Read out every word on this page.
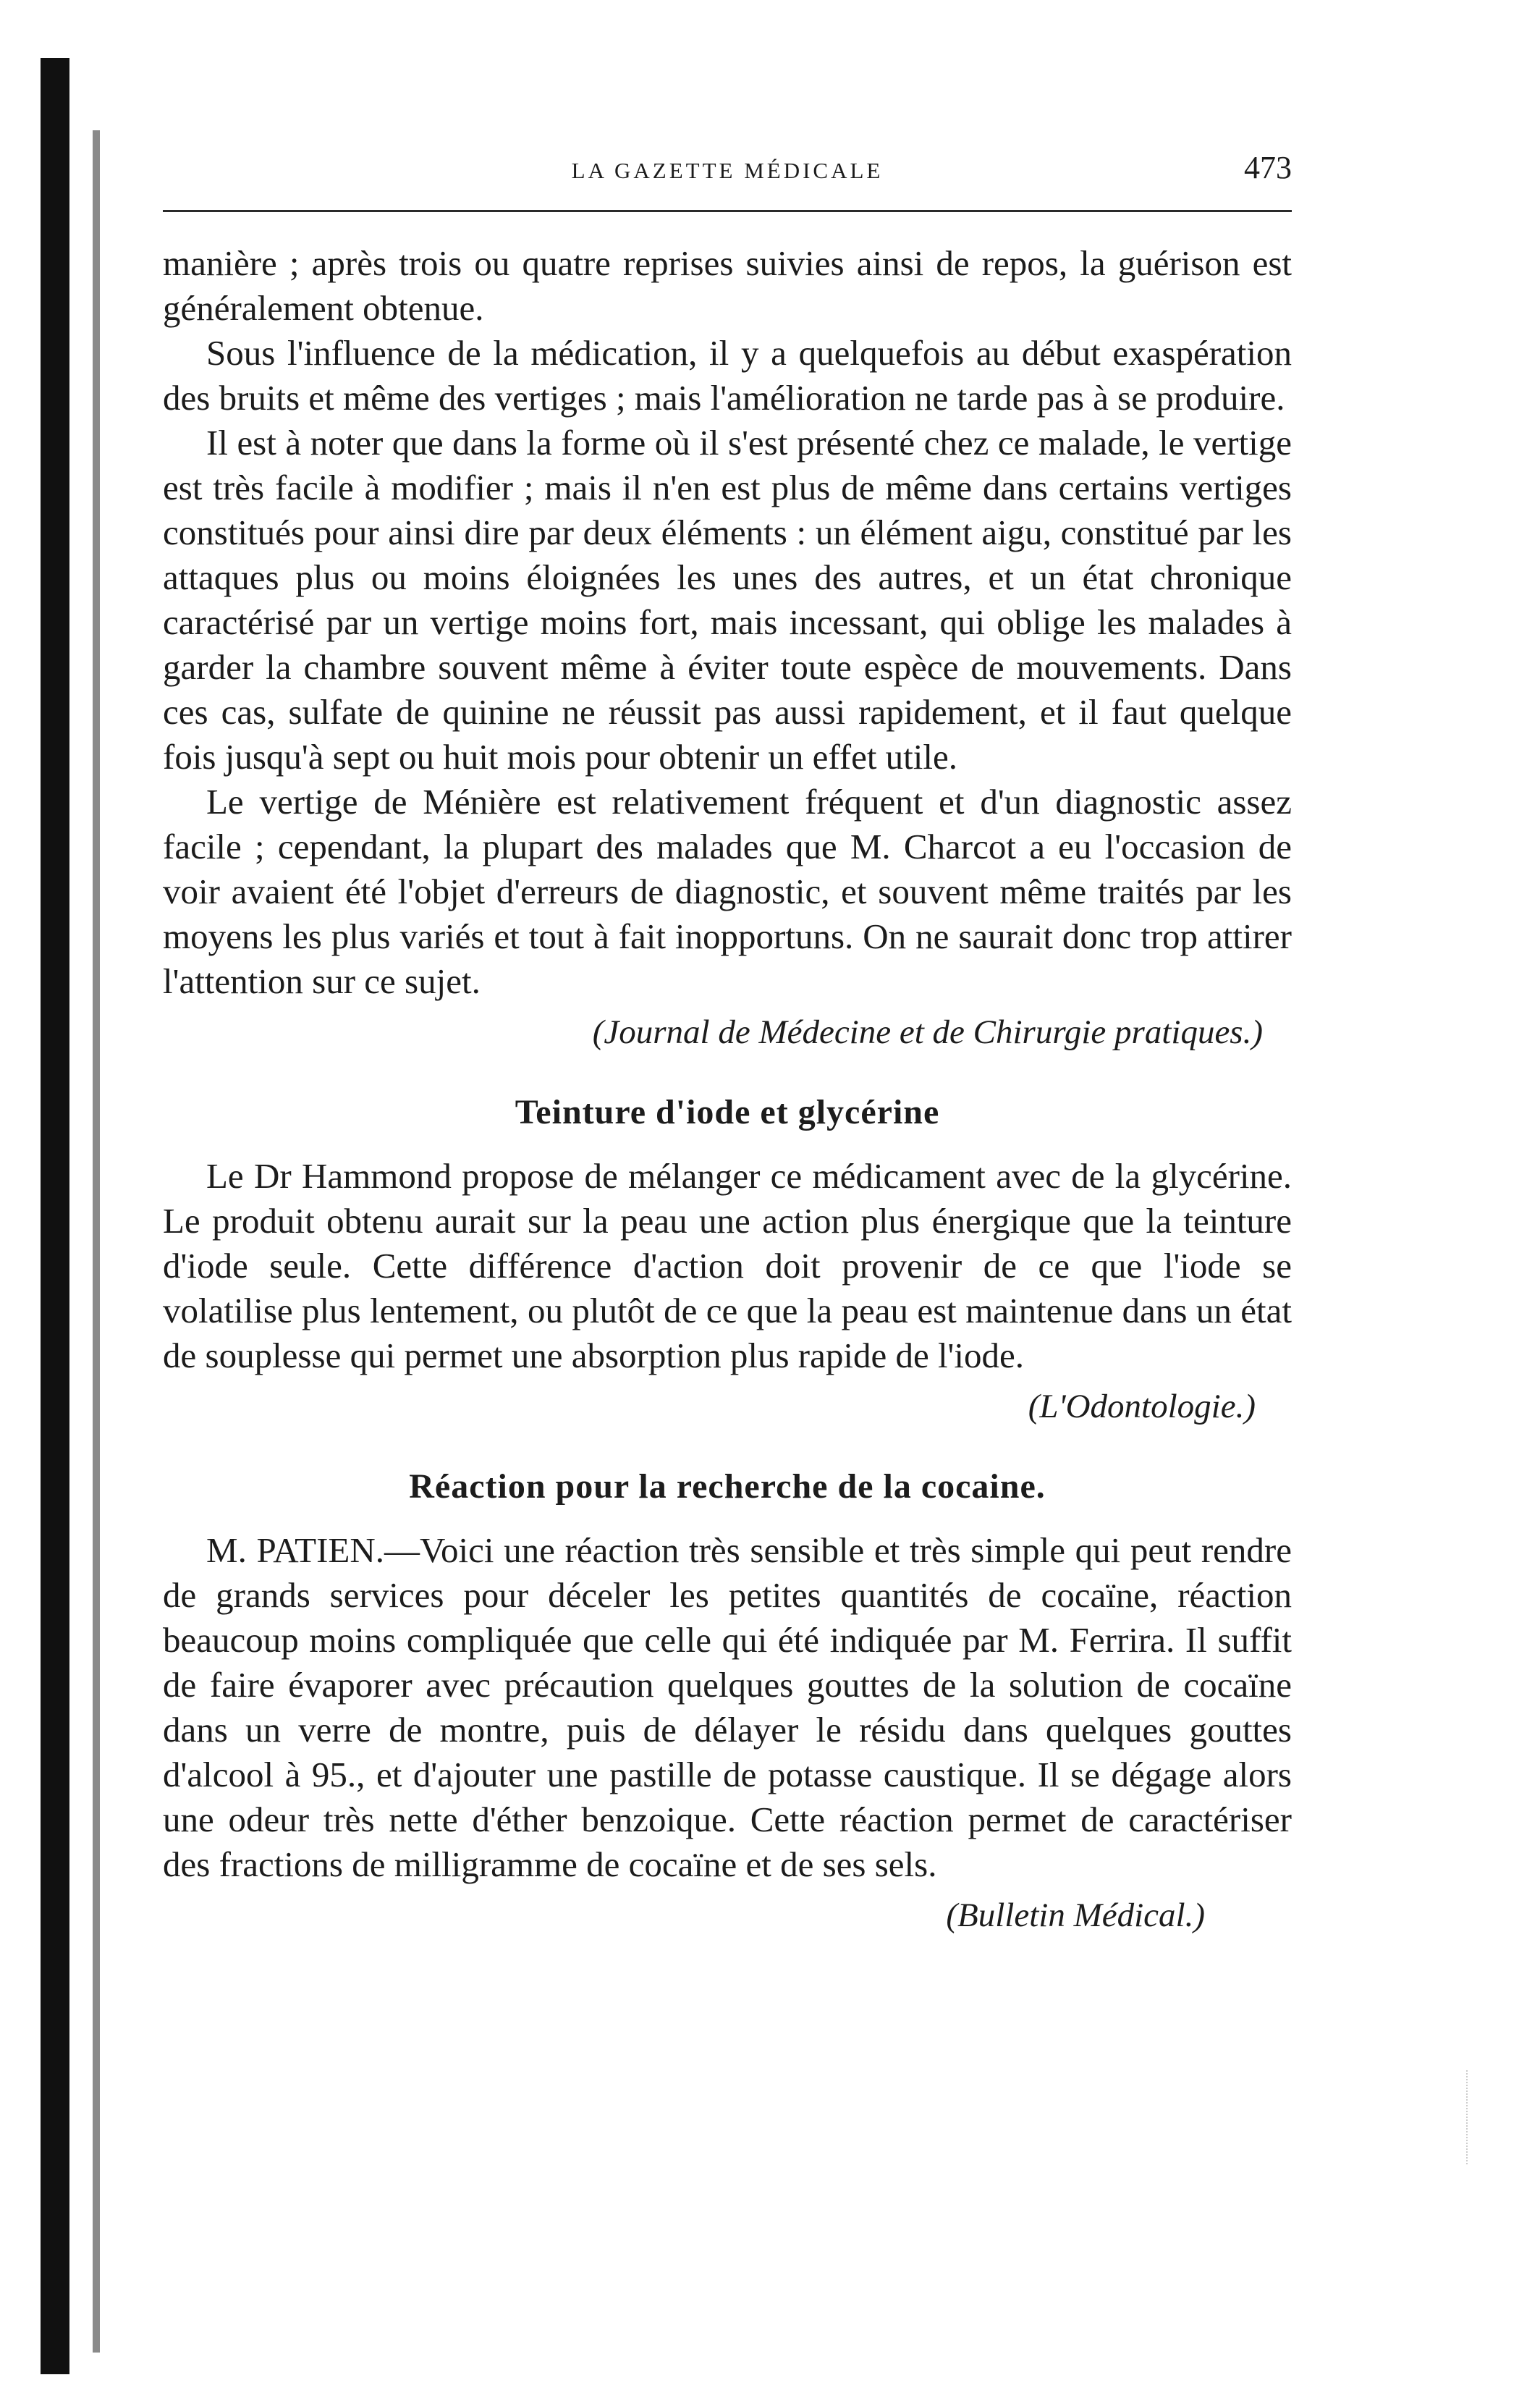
LA GAZETTE MÉDICALE	473

manière ; après trois ou quatre reprises suivies ainsi de repos, la guérison est généralement obtenue.

Sous l'influence de la médication, il y a quelquefois au début exaspération des bruits et même des vertiges ; mais l'amélioration ne tarde pas à se produire.

Il est à noter que dans la forme où il s'est présenté chez ce malade, le vertige est très facile à modifier ; mais il n'en est plus de même dans certains vertiges constitués pour ainsi dire par deux éléments : un élément aigu, constitué par les attaques plus ou moins éloignées les unes des autres, et un état chronique caractérisé par un vertige moins fort, mais incessant, qui oblige les malades à garder la chambre souvent même à éviter toute espèce de mouvements. Dans ces cas, sulfate de quinine ne réussit pas aussi rapidement, et il faut quelque fois jusqu'à sept ou huit mois pour obtenir un effet utile.

Le vertige de Ménière est relativement fréquent et d'un diagnostic assez facile ; cependant, la plupart des malades que M. Charcot a eu l'occasion de voir avaient été l'objet d'erreurs de diagnostic, et souvent même traités par les moyens les plus variés et tout à fait inopportuns. On ne saurait donc trop attirer l'attention sur ce sujet.

(Journal de Médecine et de Chirurgie pratiques.)
Teinture d'iode et glycérine

Le Dr Hammond propose de mélanger ce médicament avec de la glycérine. Le produit obtenu aurait sur la peau une action plus énergique que la teinture d'iode seule. Cette différence d'action doit provenir de ce que l'iode se volatilise plus lentement, ou plutôt de ce que la peau est maintenue dans un état de souplesse qui permet une absorption plus rapide de l'iode.

(L'Odontologie.)
Réaction pour la recherche de la cocaine.

M. PATIEN.—Voici une réaction très sensible et très simple qui peut rendre de grands services pour déceler les petites quantités de cocaïne, réaction beaucoup moins compliquée que celle qui été indiquée par M. Ferrira. Il suffit de faire évaporer avec précaution quelques gouttes de la solution de cocaïne dans un verre de montre, puis de délayer le résidu dans quelques gouttes d'alcool à 95., et d'ajouter une pastille de potasse caustique. Il se dégage alors une odeur très nette d'éther benzoique. Cette réaction permet de caractériser des fractions de milligramme de cocaïne et de ses sels.

(Bulletin Médical.)
